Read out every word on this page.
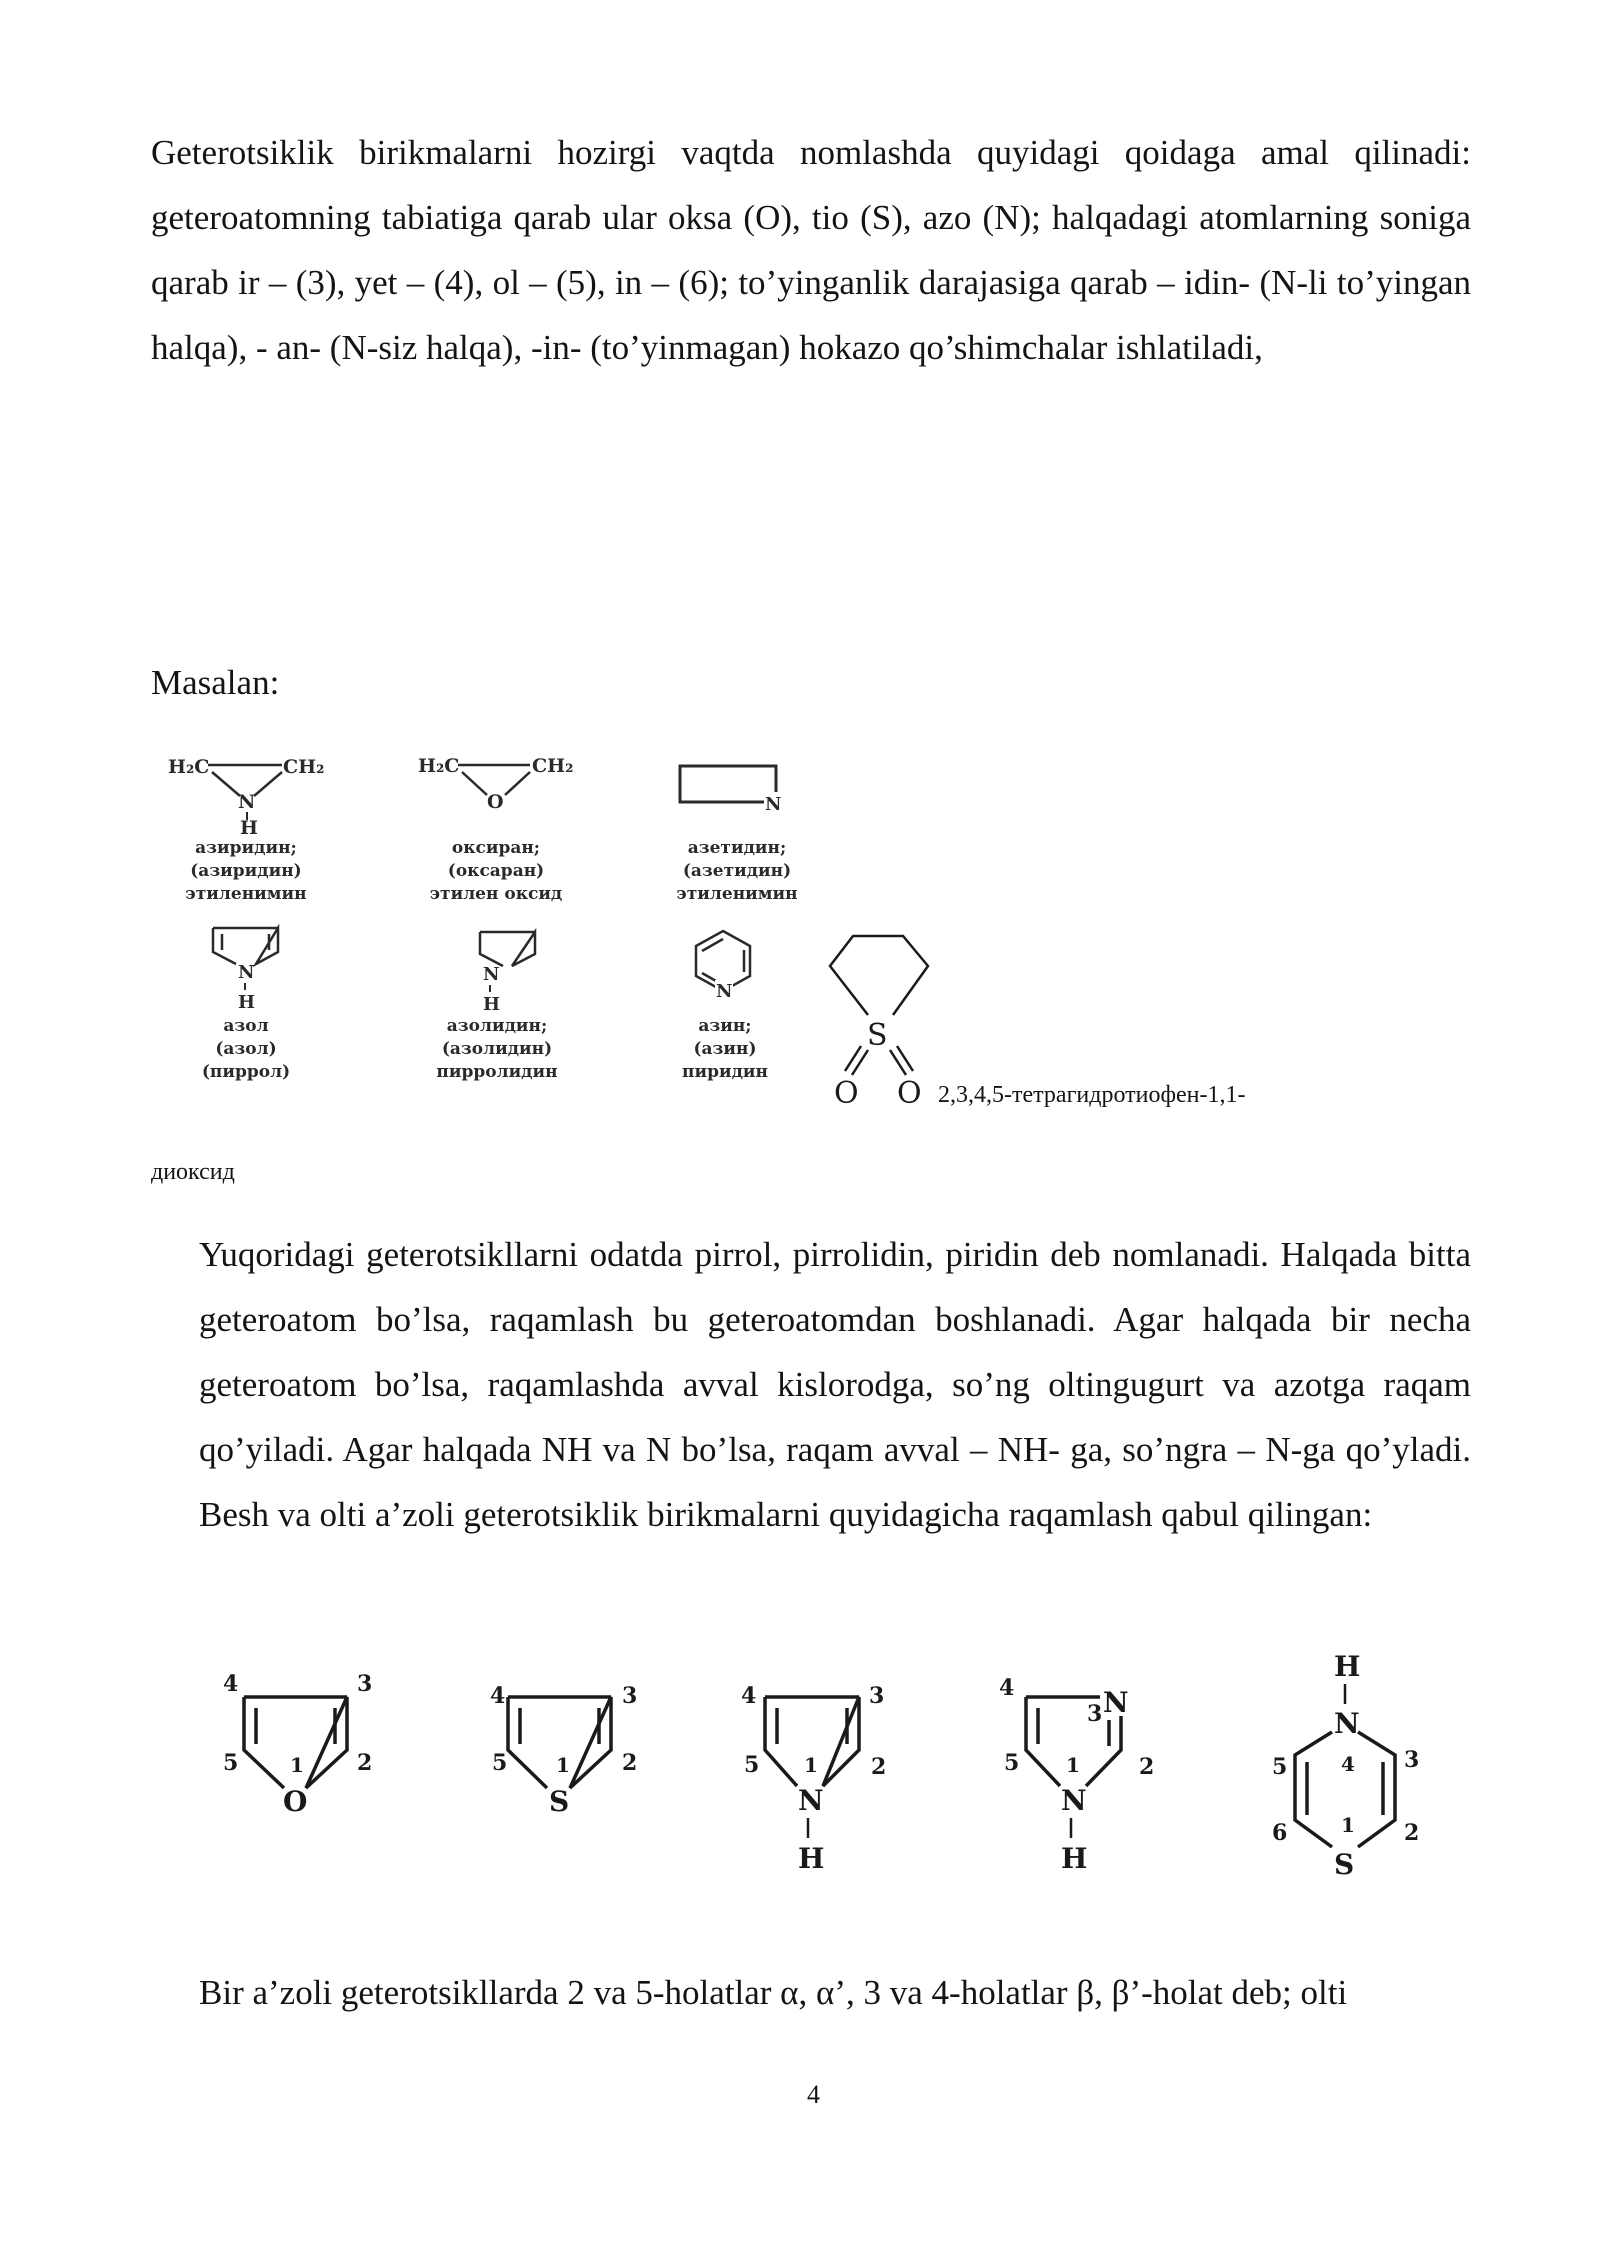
Geterotsiklik birikmalarni hozirgi vaqtda nomlashda quyidagi qoidaga amal qilinadi: geteroatomning tabiatiga qarab ular oksa (O), tio (S), azo (N); halqadagi atomlarning soniga qarab ir – (3), yet – (4), ol – (5), in – (6); to’yinganlik darajasiga qarab – idin- (N-li to’yingan halqa), - an- (N-siz halqa), -in- (to’yinmagan) hokazo qo’shimchalar ishlatiladi,

Masalan:

H₂C	CH₂
N
H
азиридин;
(азиридин)
этиленимин
H₂C	CH₂
O
оксиран;
(оксаран)
этилен оксид
N
азетидин;
(азетидин)
этиленимин
N
H
азол
(азол)
(пиррол)
N
H
азолидин;
(азолидин)
пирролидин
N
азин;
(азин)
пиридин
S
O O 2,3,4,5-тетрагидротиофен-1,1-
диоксид

Yuqoridagi geterotsikllarni odatda pirrol, pirrolidin, piridin deb nomlanadi. Halqada bitta geteroatom bo’lsa, raqamlash bu geteroatomdan boshlanadi. Agar halqada bir necha geteroatom bo’lsa, raqamlashda avval kislorodga, so’ng oltingugurt va azotga raqam qo’yiladi. Agar halqada NH va N bo’lsa, raqam avval – NH- ga, so’ngra – N-ga qo’yladi. Besh va olti a’zoli geterotsiklik birikmalarni quyidagicha raqamlash qabul qilingan:

O
4	3
5	2
1
S
4	3
5	2
1
N
H
4	3
5	2
1
N
N
H
4
3
5	2
1
H
N
S
4
1
5
6
3
2

Bir a’zoli geterotsikllarda 2 va 5-holatlar α, α’, 3 va 4-holatlar β, β’-holat deb; olti

4
